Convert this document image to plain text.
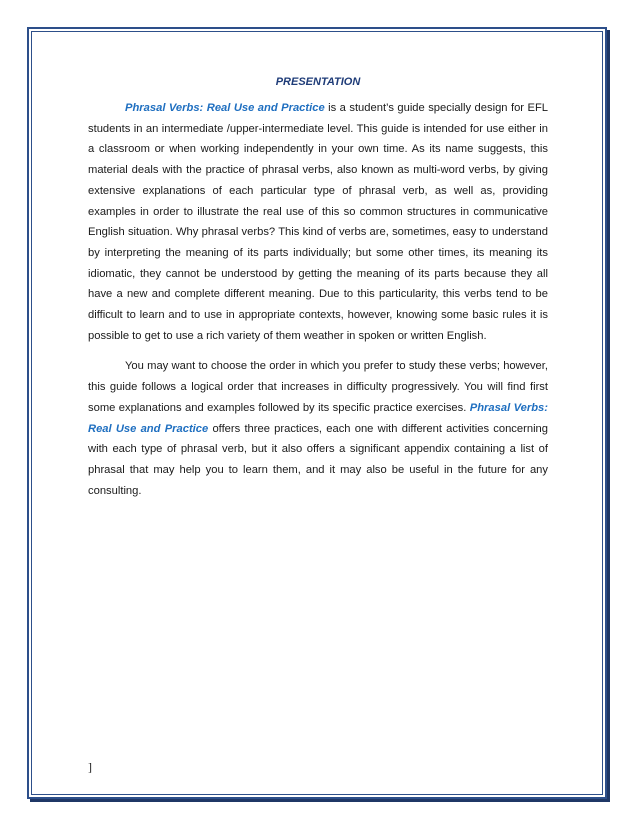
PRESENTATION

Phrasal Verbs: Real Use and Practice is a student’s guide specially design for EFL students in an intermediate /upper-intermediate level. This guide is intended for use either in a classroom or when working independently in your own time. As its name suggests, this material deals with the practice of phrasal verbs, also known as multi-word verbs, by giving extensive explanations of each particular type of phrasal verb, as well as, providing examples in order to illustrate the real use of this so common structures in communicative English situation. Why phrasal verbs? This kind of verbs are, sometimes, easy to understand by interpreting the meaning of its parts individually; but some other times, its meaning its idiomatic, they cannot be understood by getting the meaning of its parts because they all have a new and complete different meaning. Due to this particularity, this verbs tend to be difficult to learn and to use in appropriate contexts, however, knowing some basic rules it is possible to get to use a rich variety of them weather in spoken or written English.

You may want to choose the order in which you prefer to study these verbs; however, this guide follows a logical order that increases in difficulty progressively. You will find first some explanations and examples followed by its specific practice exercises. Phrasal Verbs: Real Use and Practice offers three practices, each one with different activities concerning with each type of phrasal verb, but it also offers a significant appendix containing a list of phrasal that may help you to learn them, and it may also be useful in the future for any consulting.

]
